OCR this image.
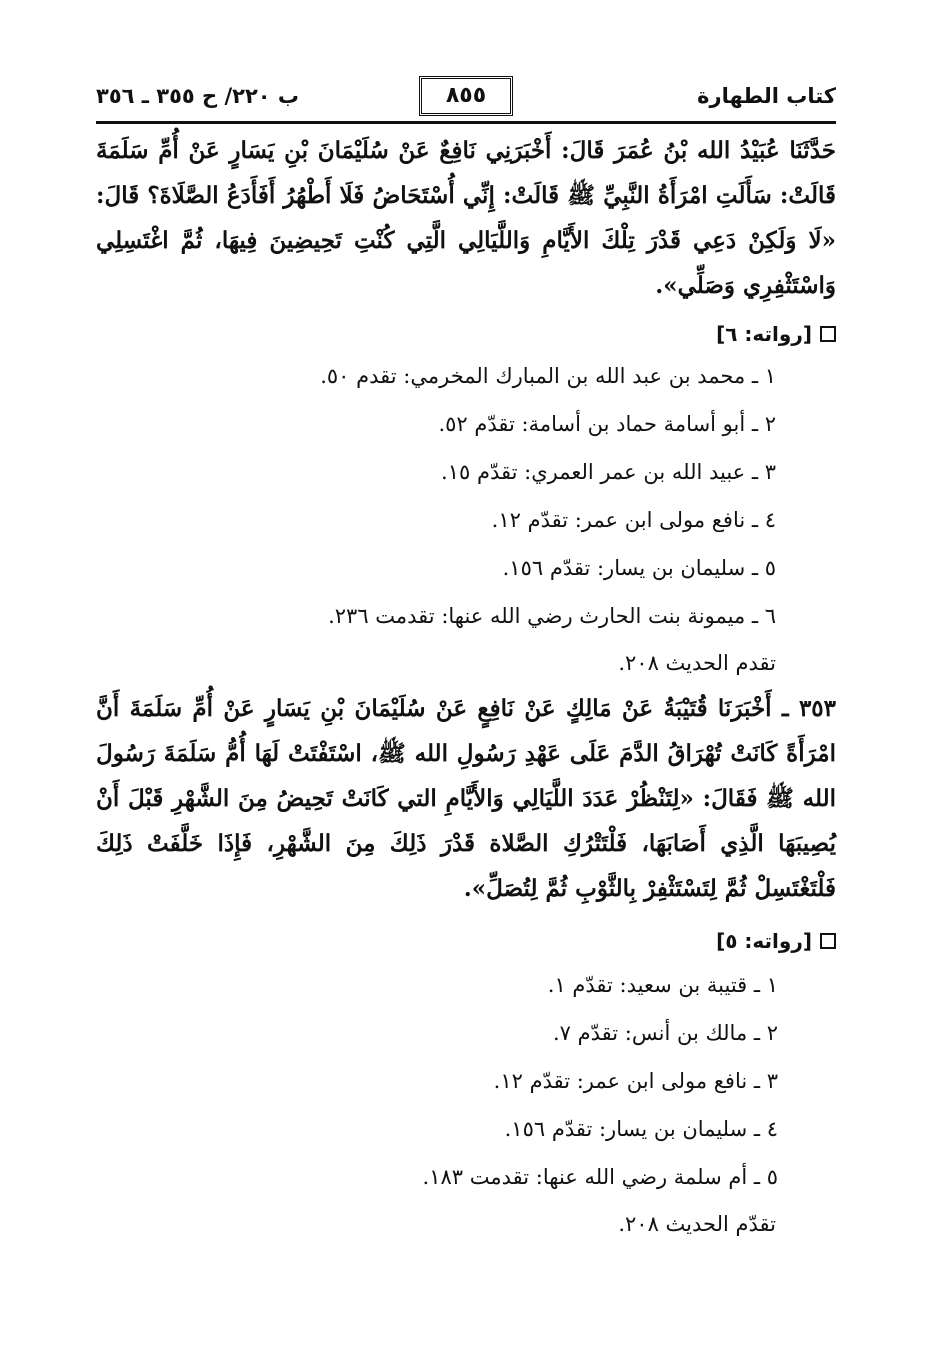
كتاب الطهارة
٨٥٥
ب ٢٢٠/ ح ٣٥٥ ـ ٣٥٦

حَدَّثَنَا عُبَيْدُ الله بْنُ عُمَرَ قَالَ: أَخْبَرَنِي نَافِعٌ عَنْ سُلَيْمَانَ بْنِ يَسَارٍ عَنْ أُمِّ سَلَمَةَ قَالَتْ: سَأَلَتِ امْرَأَةُ النَّبِيِّ ﷺ قَالَتْ: إِنِّي أُسْتَحَاضُ فَلَا أَطْهُرُ أَفَأَدَعُ الصَّلَاةَ؟ قَالَ: «لَا وَلَكِنْ دَعِي قَدْرَ تِلْكَ الأَيَّامِ وَاللَّيَالِي الَّتِي كُنْتِ تَحِيضِينَ فِيهَا، ثُمَّ اغْتَسِلِي وَاسْتَثْفِرِي وَصَلِّي».

[رواته: ٦]

١ ـ محمد بن عبد الله بن المبارك المخرمي: تقدم ٥٠.
٢ ـ أبو أسامة حماد بن أسامة: تقدّم ٥٢.
٣ ـ عبيد الله بن عمر العمري: تقدّم ١٥.
٤ ـ نافع مولى ابن عمر: تقدّم ١٢.
٥ ـ سليمان بن يسار: تقدّم ١٥٦.
٦ ـ ميمونة بنت الحارث رضي الله عنها: تقدمت ٢٣٦.

تقدم الحديث ٢٠٨.

٣٥٣ ـ أَخْبَرَنَا قُتَيْبَةُ عَنْ مَالِكٍ عَنْ نَافِعٍ عَنْ سُلَيْمَانَ بْنِ يَسَارٍ عَنْ أُمِّ سَلَمَةَ أَنَّ امْرَأَةً كَانَتْ تُهْرَاقُ الدَّمَ عَلَى عَهْدِ رَسُولِ الله ﷺ، اسْتَفْتَتْ لَهَا أُمُّ سَلَمَةَ رَسُولَ الله ﷺ فَقَالَ: «لِتَنْظُرْ عَدَدَ اللَّيَالِي وَالأَيَّامِ التي كَانَتْ تَحِيضُ مِنَ الشَّهْرِ قَبْلَ أَنْ يُصِيبَهَا الَّذِي أَصَابَهَا، فَلْتَتْرُكِ الصَّلاة قَدْرَ ذَلِكَ مِنَ الشَّهْرِ، فَإِذَا خَلَّفَتْ ذَلِكَ فَلْتَغْتَسِلْ ثُمَّ لِتَسْتَثْفِرْ بِالثَّوْبِ ثُمَّ لِتُصَلِّ».

[رواته: ٥]

١ ـ قتيبة بن سعيد: تقدّم ١.
٢ ـ مالك بن أنس: تقدّم ٧.
٣ ـ نافع مولى ابن عمر: تقدّم ١٢.
٤ ـ سليمان بن يسار: تقدّم ١٥٦.
٥ ـ أم سلمة رضي الله عنها: تقدمت ١٨٣.

تقدّم الحديث ٢٠٨.
